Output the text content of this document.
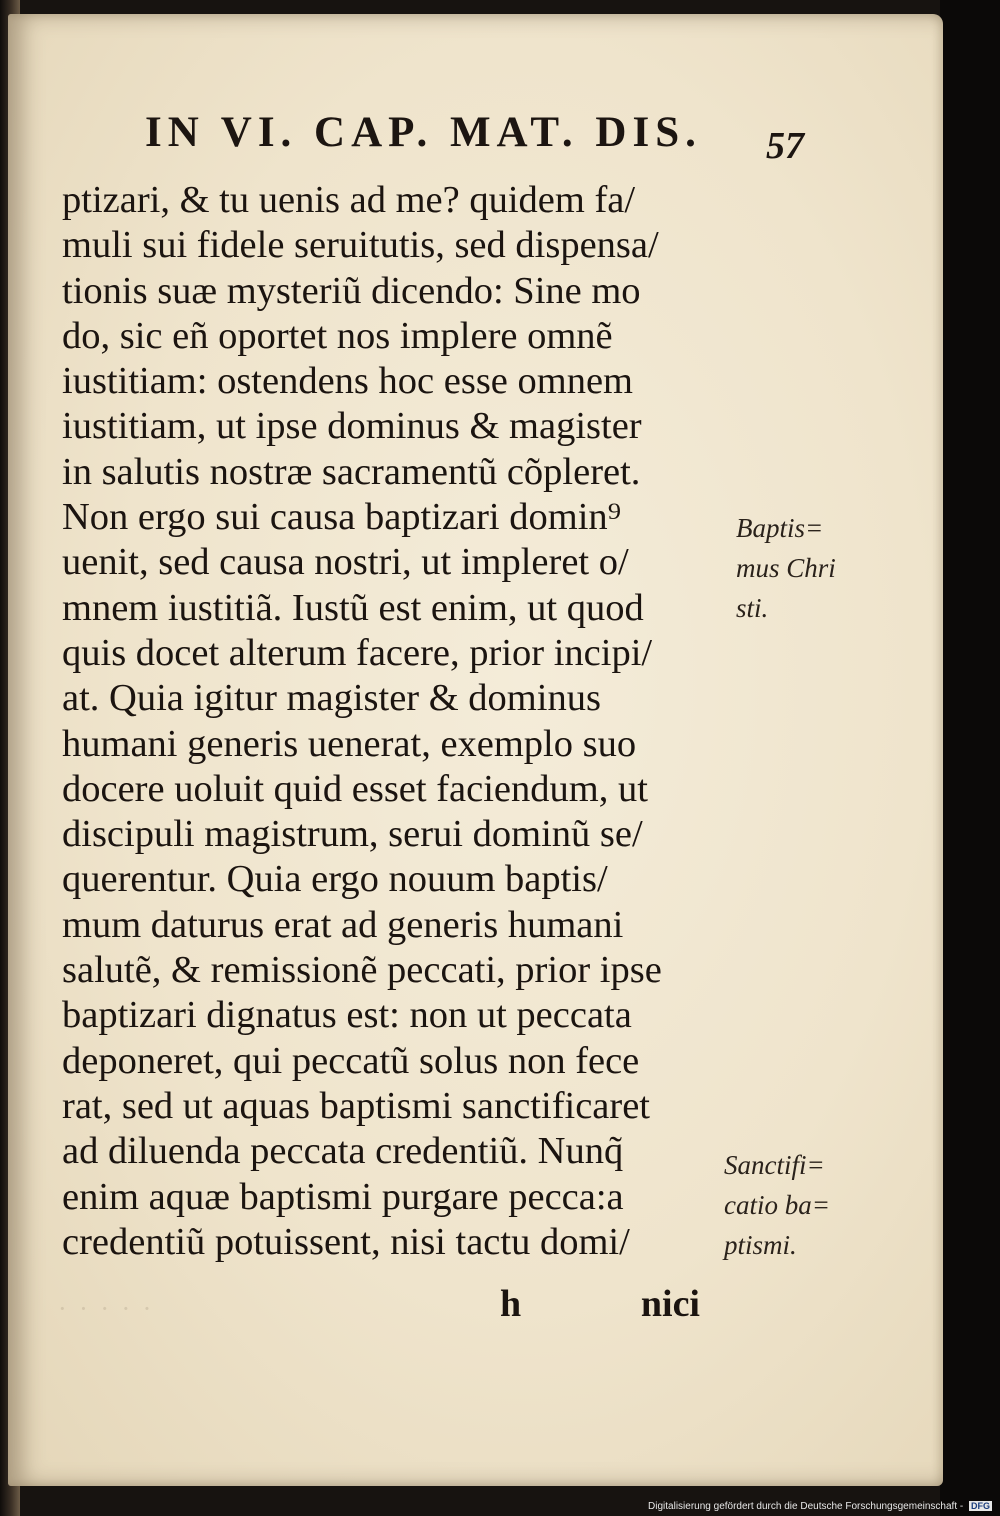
· · · · ·
IN VI. CAP. MAT. DIS. 57
ptizari, & tu uenis ad me? quidem fa/
muli sui fidele seruitutis, sed dispensa/
tionis suæ mysteriũ dicendo: Sine mo
do, sic eñ oportet nos implere omnẽ
iustitiam: ostendens hoc esse omnem
iustitiam, ut ipse dominus & magister
in salutis nostræ sacramentũ cõpleret.
Non ergo sui causa baptizari domin⁹
uenit, sed causa nostri, ut impleret o/
mnem iustitiã. Iustũ est enim, ut quod
quis docet alterum facere, prior incipi/
at. Quia igitur magister & dominus
humani generis uenerat, exemplo suo
docere uoluit quid esset faciendum, ut
discipuli magistrum, serui dominũ se/
querentur. Quia ergo nouum baptis/
mum daturus erat ad generis humani
salutẽ, & remissionẽ peccati, prior ipse
baptizari dignatus est: non ut peccata
deponeret, qui peccatũ solus non fece
rat, sed ut aquas baptismi sanctificaret
ad diluenda peccata credentiũ. Nunq̃
enim aquæ baptismi purgare pecca:a
credentiũ potuissent, nisi tactu domi/
h	nici
Baptis=
mus Chri
sti.
Sanctifi=
catio ba=
ptismi.
Digitalisierung gefördert durch die Deutsche Forschungsgemeinschaft - DFG
